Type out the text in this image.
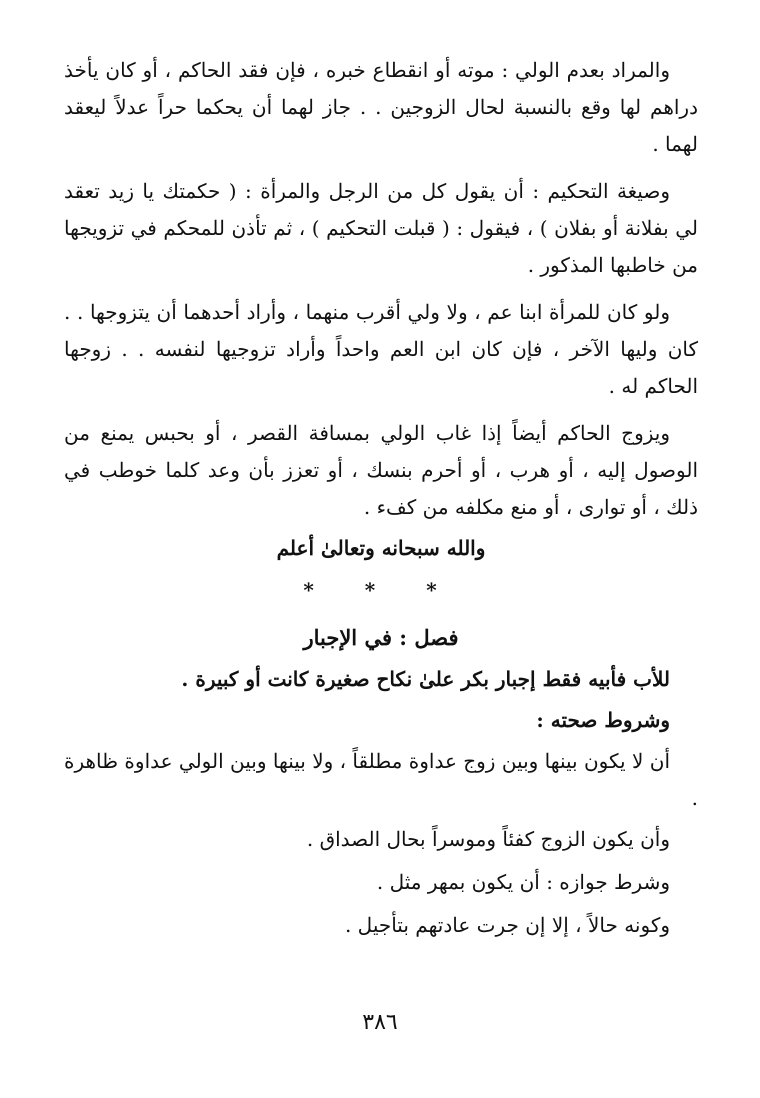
والمراد بعدم الولي : موته أو انقطاع خبره ، فإن فقد الحاكم ، أو كان يأخذ دراهم لها وقع بالنسبة لحال الزوجين . . جاز لهما أن يحكما حراً عدلاً ليعقد لهما .

وصيغة التحكيم : أن يقول كل من الرجل والمرأة : ( حكمتك يا زيد تعقد لي بفلانة أو بفلان ) ، فيقول : ( قبلت التحكيم ) ، ثم تأذن للمحكم في تزويجها من خاطبها المذكور .

ولو كان للمرأة ابنا عم ، ولا ولي أقرب منهما ، وأراد أحدهما أن يتزوجها . . كان وليها الآخر ، فإن كان ابن العم واحداً وأراد تزوجيها لنفسه . . زوجها الحاكم له .

ويزوج الحاكم أيضاً إذا غاب الولي بمسافة القصر ، أو بحبس يمنع من الوصول إليه ، أو هرب ، أو أحرم بنسك ، أو تعزز بأن وعد كلما خوطب في ذلك ، أو توارى ، أو منع مكلفه من كفء .

والله سبحانه وتعالىٰ أعلم
* * *
فصل : في الإجبار

للأب فأبيه فقط إجبار بكر علىٰ نكاح صغيرة كانت أو كبيرة .

وشروط صحته :

أن لا يكون بينها وبين زوج عداوة مطلقاً ، ولا بينها وبين الولي عداوة ظاهرة .

وأن يكون الزوج كفئاً وموسراً بحال الصداق .

وشرط جوازه : أن يكون بمهر مثل .

وكونه حالاً ، إلا إن جرت عادتهم بتأجيل .

٣٨٦
